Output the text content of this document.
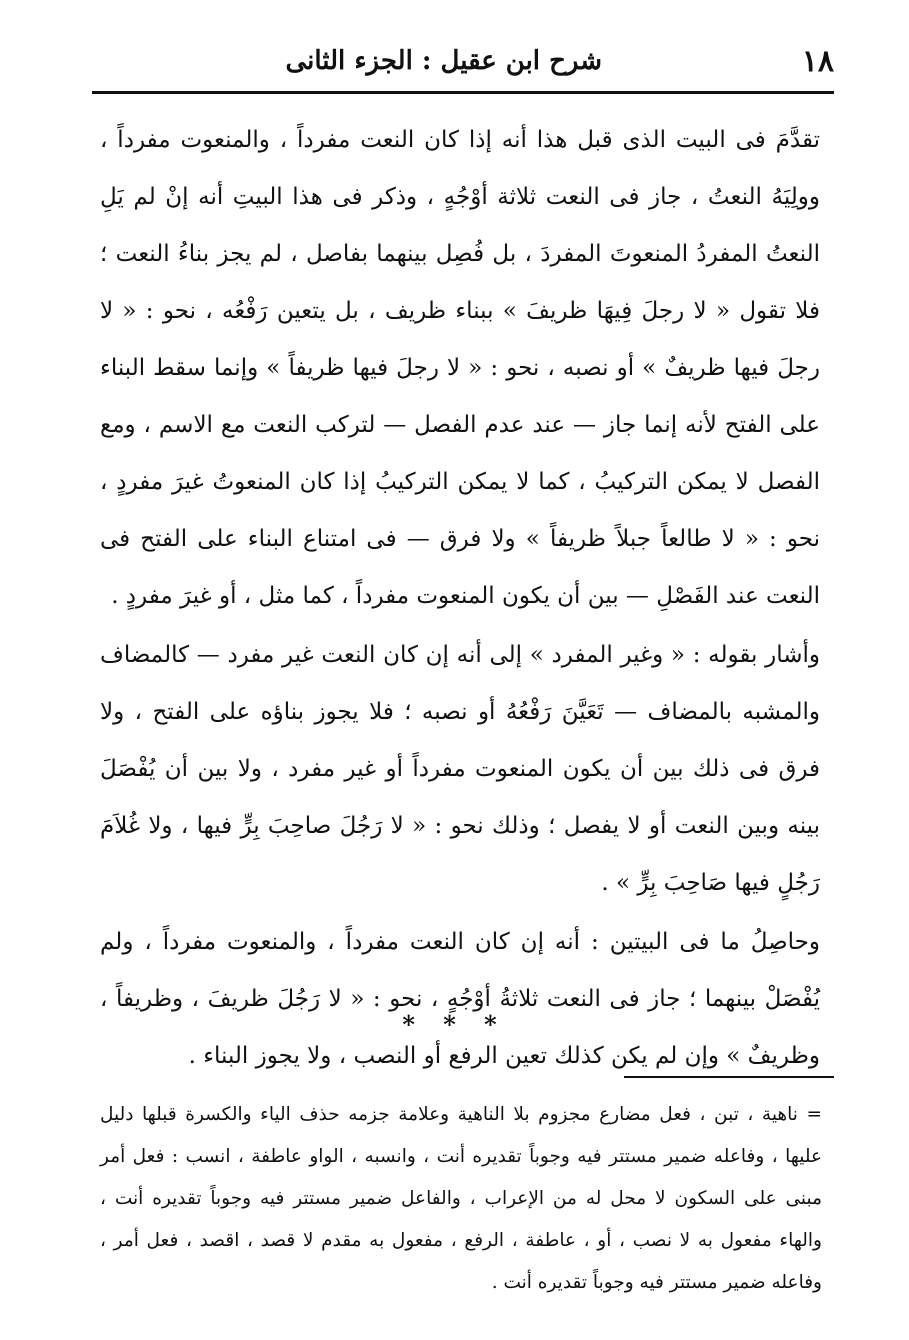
١٨
شرح ابن عقيل : الجزء الثانى

تقدَّمَ فى البيت الذى قبل هذا أنه إذا كان النعت مفرداً ، والمنعوت مفرداً ، وولِيَهُ النعتُ ، جاز فى النعت ثلاثة أوْجُهٍ ، وذكر فى هذا البيتِ أنه إنْ لم يَلِ النعتُ المفردُ المنعوتَ المفردَ ، بل فُصِل بينهما بفاصل ، لم يجز بناءُ النعت ؛ فلا تقول « لا رجلَ فِيهَا ظريفَ » ببناء ظريف ، بل يتعين رَفْعُه ، نحو : « لا رجلَ فيها ظريفٌ » أو نصبه ، نحو : « لا رجلَ فيها ظريفاً » وإنما سقط البناء على الفتح لأنه إنما جاز — عند عدم الفصل — لتركب النعت مع الاسم ، ومع الفصل لا يمكن التركيبُ ، كما لا يمكن التركيبُ إذا كان المنعوتُ غيرَ مفردٍ ، نحو : « لا طالعاً جبلاً ظريفاً » ولا فرق — فى امتناع البناء على الفتح فى النعت عند الفَصْلِ — بين أن يكون المنعوت مفرداً ، كما مثل ، أو غيرَ مفردٍ .

وأشار بقوله : « وغير المفرد » إلى أنه إن كان النعت غير مفرد — كالمضاف والمشبه بالمضاف — تَعَيَّنَ رَفْعُهُ أو نصبه ؛ فلا يجوز بناؤه على الفتح ، ولا فرق فى ذلك بين أن يكون المنعوت مفرداً أو غير مفرد ، ولا بين أن يُفْصَلَ بينه وبين النعت أو لا يفصل ؛ وذلك نحو : « لا رَجُلَ صاحِبَ بِرٍّ فيها ، ولا غُلاَمَ رَجُلٍ فيها صَاحِبَ بِرٍّ » .

وحاصِلُ ما فى البيتين : أنه إن كان النعت مفرداً ، والمنعوت مفرداً ، ولم يُفْصَلْ بينهما ؛ جاز فى النعت ثلاثةُ أوْجُهٍ ، نحو : « لا رَجُلَ ظريفَ ، وظريفاً ، وظريفٌ » وإن لم يكن كذلك تعين الرفع أو النصب ، ولا يجوز البناء .

* * *

= ناهية ، تبن ، فعل مضارع مجزوم بلا الناهية وعلامة جزمه حذف الياء والكسرة قبلها دليل عليها ، وفاعله ضمير مستتر فيه وجوباً تقديره أنت ، وانسبه ، الواو عاطفة ، انسب : فعل أمر مبنى على السكون لا محل له من الإعراب ، والفاعل ضمير مستتر فيه وجوباً تقديره أنت ، والهاء مفعول به لا نصب ، أو ، عاطفة ، الرفع ، مفعول به مقدم لا قصد ، اقصد ، فعل أمر ، وفاعله ضمير مستتر فيه وجوباً تقديره أنت .
